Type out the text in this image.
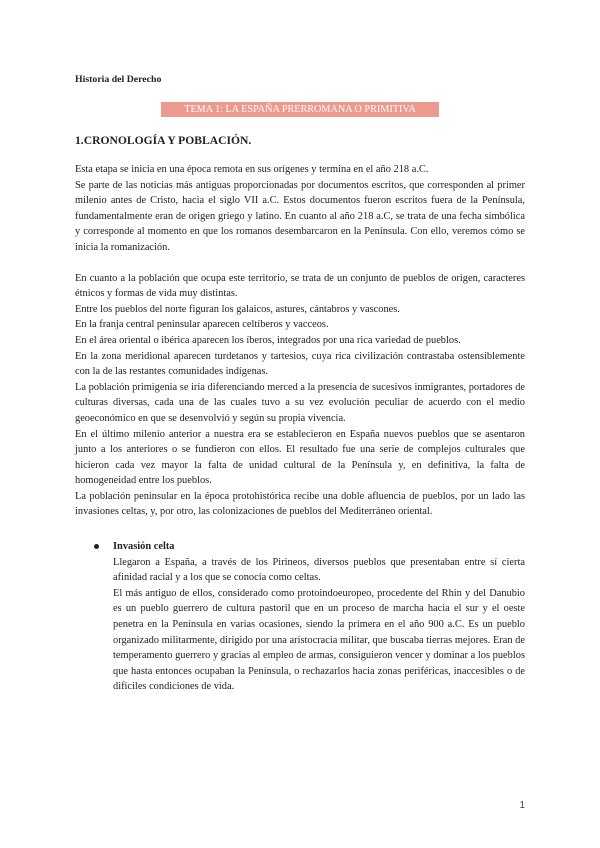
Historia del Derecho
TEMA 1: LA ESPAÑA PRERROMANA O PRIMITIVA
1.CRONOLOGÍA Y POBLACIÓN.

Esta etapa se inicia en una época remota en sus orígenes y termina en el año 218 a.C.

Se parte de las noticias más antiguas proporcionadas por documentos escritos, que corresponden al primer milenio antes de Cristo, hacia el siglo VII a.C. Estos documentos fueron escritos fuera de la Península, fundamentalmente eran de origen griego y latino. En cuanto al año 218 a.C, se trata de una fecha simbólica y corresponde al momento en que los romanos desembarcaron en la Península. Con ello, veremos cómo se inicia la romanización.

En cuanto a la población que ocupa este territorio, se trata de un conjunto de pueblos de origen, caracteres étnicos y formas de vida muy distintas.

Entre los pueblos del norte figuran los galaicos, astures, cántabros y vascones.

En la franja central peninsular aparecen celtíberos y vacceos.

En el área oriental o ibérica aparecen los íberos, integrados por una rica variedad de pueblos.

En la zona meridional aparecen turdetanos y tartesios, cuya rica civilización contrastaba ostensiblemente con la de las restantes comunidades indígenas.

La población primigenia se iría diferenciando merced a la presencia de sucesivos inmigrantes, portadores de culturas diversas, cada una de las cuales tuvo a su vez evolución peculiar de acuerdo con el medio geoeconómico en que se desenvolvió y según su propia vivencia.

En el último milenio anterior a nuestra era se establecieron en España nuevos pueblos que se asentaron junto a los anteriores o se fundieron con ellos. El resultado fue una serie de complejos culturales que hicieron cada vez mayor la falta de unidad cultural de la Península y, en definitiva, la falta de homogeneidad entre los pueblos.

La población peninsular en la época protohistórica recibe una doble afluencia de pueblos, por un lado las invasiones celtas, y, por otro, las colonizaciones de pueblos del Mediterráneo oriental.

Invasión celta

Llegaron a España, a través de los Pirineos, diversos pueblos que presentaban entre sí cierta afinidad racial y a los que se conocía como celtas.

El más antiguo de ellos, considerado como protoindoeuropeo, procedente del Rhin y del Danubio es un pueblo guerrero de cultura pastoril que en un proceso de marcha hacia el sur y el oeste penetra en la Península en varias ocasiones, siendo la primera en el año 900 a.C. Es un pueblo organizado militarmente, dirigido por una aristocracia militar, que buscaba tierras mejores. Eran de temperamento guerrero y gracias al empleo de armas, consiguieron vencer y dominar a los pueblos que hasta entonces ocupaban la Península, o rechazarlos hacia zonas periféricas, inaccesibles o de difíciles condiciones de vida.

1
